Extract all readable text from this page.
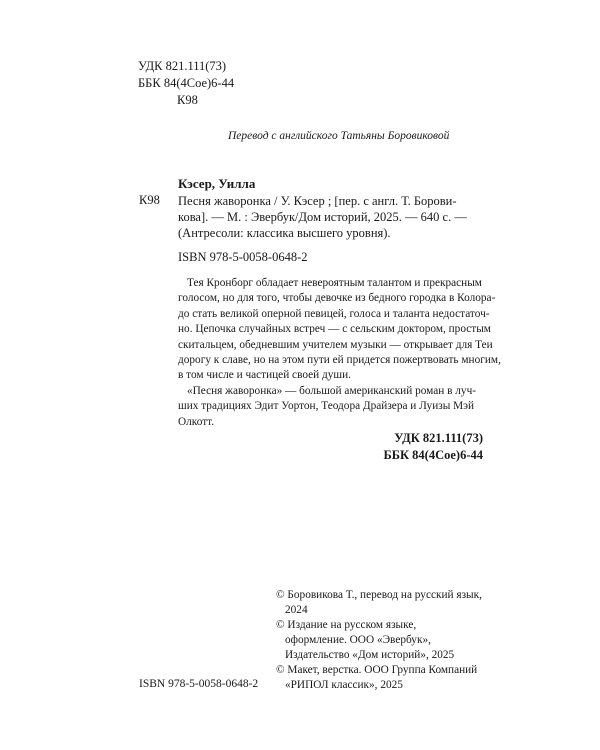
УДК 821.111(73)
ББК 84(4Сое)6-44
К98
Перевод с английского Татьяны Боровиковой
Кэсер, Уилла
К98 Песня жаворонка / У. Кэсер ; [пер. с англ. Т. Борови-
кова]. — М. : Эвербук/Дом историй, 2025. — 640 с. —
(Антресоли: классика высшего уровня).
ISBN 978-5-0058-0648-2
Тея Кронборг обладает невероятным талантом и прекрасным
голосом, но для того, чтобы девочке из бедного городка в Колора-
до стать великой оперной певицей, голоса и таланта недостаточ-
но. Цепочка случайных встреч — с сельским доктором, простым
скитальцем, обедневшим учителем музыки — открывает для Теи
дорогу к славе, но на этом пути ей придется пожертвовать многим,
в том числе и частицей своей души.
«Песня жаворонка» — большой американский роман в луч-
ших традициях Эдит Уортон, Теодора Драйзера и Луизы Мэй
Олкотт.
УДК 821.111(73)
ББК 84(4Сое)6-44
© Боровикова Т., перевод на русский язык,
2024
© Издание на русском языке,
оформление. ООО «Эвербук»,
Издательство «Дом историй», 2025
© Макет, верстка. ООО Группа Компаний
«РИПОЛ классик», 2025
ISBN 978-5-0058-0648-2
